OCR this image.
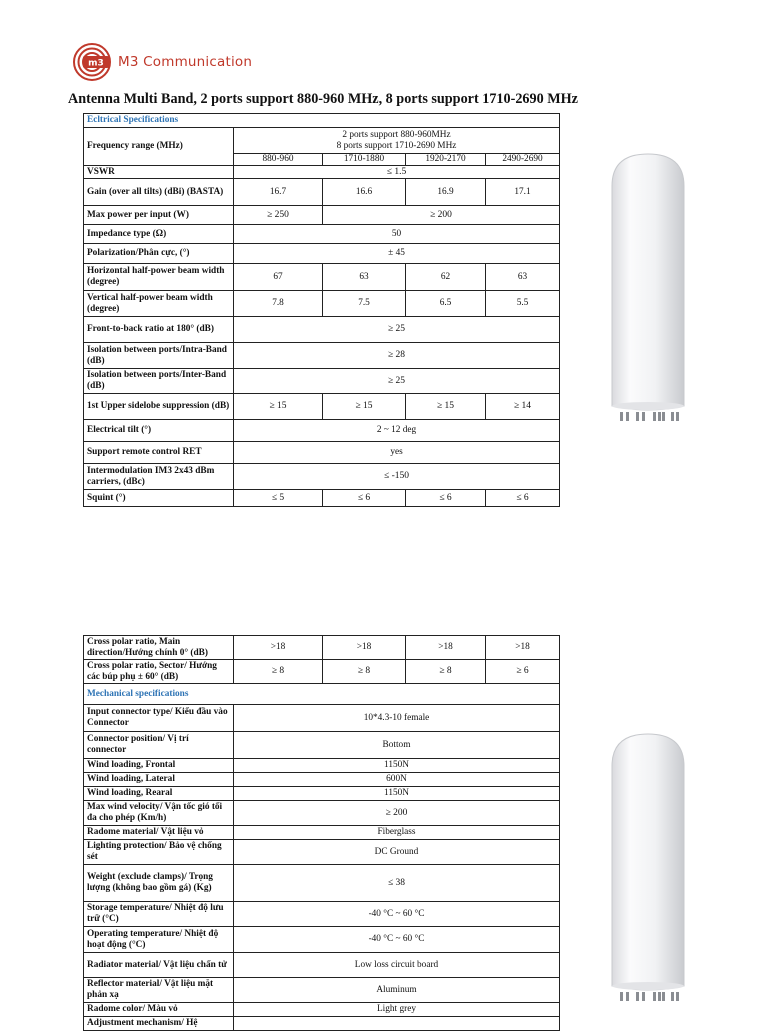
m3 M3 Communication
Antenna Multi Band, 2 ports support 880-960 MHz, 8 ports support 1710-2690 MHz
Ecltrical Specifications				
Frequency range (MHz)	2 ports support 880-960MHz
8 ports support 1710-2690 MHz			
	880-960	1710-1880	1920-2170	2490-2690
VSWR	≤ 1.5			
Gain (over all tilts) (dBi) (BASTA)	16.7	16.6	16.9	17.1
Max power per input (W)	≥ 250	≥ 200		
Impedance type (Ω)	50			
Polarization/Phân cực, (°)	± 45			
Horizontal half-power beam width (degree)	67	63	62	63
Vertical half-power beam width (degree)	7.8	7.5	6.5	5.5
Front-to-back ratio at 180° (dB)	≥ 25			
Isolation between ports/Intra-Band (dB)	≥ 28			
Isolation between ports/Inter-Band (dB)	≥ 25			
1st Upper sidelobe suppression (dB)	≥ 15	≥ 15	≥ 15	≥ 14
Electrical tilt (°)	2 ~ 12 deg			
Support remote control RET	yes			
Intermodulation IM3 2x43 dBm carriers, (dBc)	≤ -150			
Squint (°)	≤ 5	≤ 6	≤ 6	≤ 6
Cross polar ratio, Main direction/Hướng chính 0° (dB)	>18	>18	>18	>18
Cross polar ratio, Sector/ Hướng các búp phụ ± 60° (dB)	≥ 8	≥ 8	≥ 8	≥ 6
Mechanical specifications				
Input connector type/ Kiểu đầu vào Connector	10*4.3-10 female			
Connector position/ Vị trí connector	Bottom			
Wind loading, Frontal	1150N			
Wind loading, Lateral	600N			
Wind loading, Rearal	1150N			
Max wind velocity/ Vận tốc gió tối đa cho phép (Km/h)	≥ 200			
Radome material/ Vật liệu vỏ	Fiberglass			
Lighting protection/ Bảo vệ chống sét	DC Ground			
Weight (exclude clamps)/ Trọng lượng (không bao gồm gá) (Kg)	≤ 38			
Storage temperature/ Nhiệt độ lưu trữ (°C)	-40 °C ~ 60 °C			
Operating temperature/ Nhiệt độ hoạt động (°C)	-40 °C ~ 60 °C			
Radiator material/ Vật liệu chấn tử	Low loss circuit board			
Reflector material/ Vật liệu mặt phản xạ	Aluminum			
Radome color/ Màu vỏ	Light grey			
Adjustment mechanism/ Hệ				
